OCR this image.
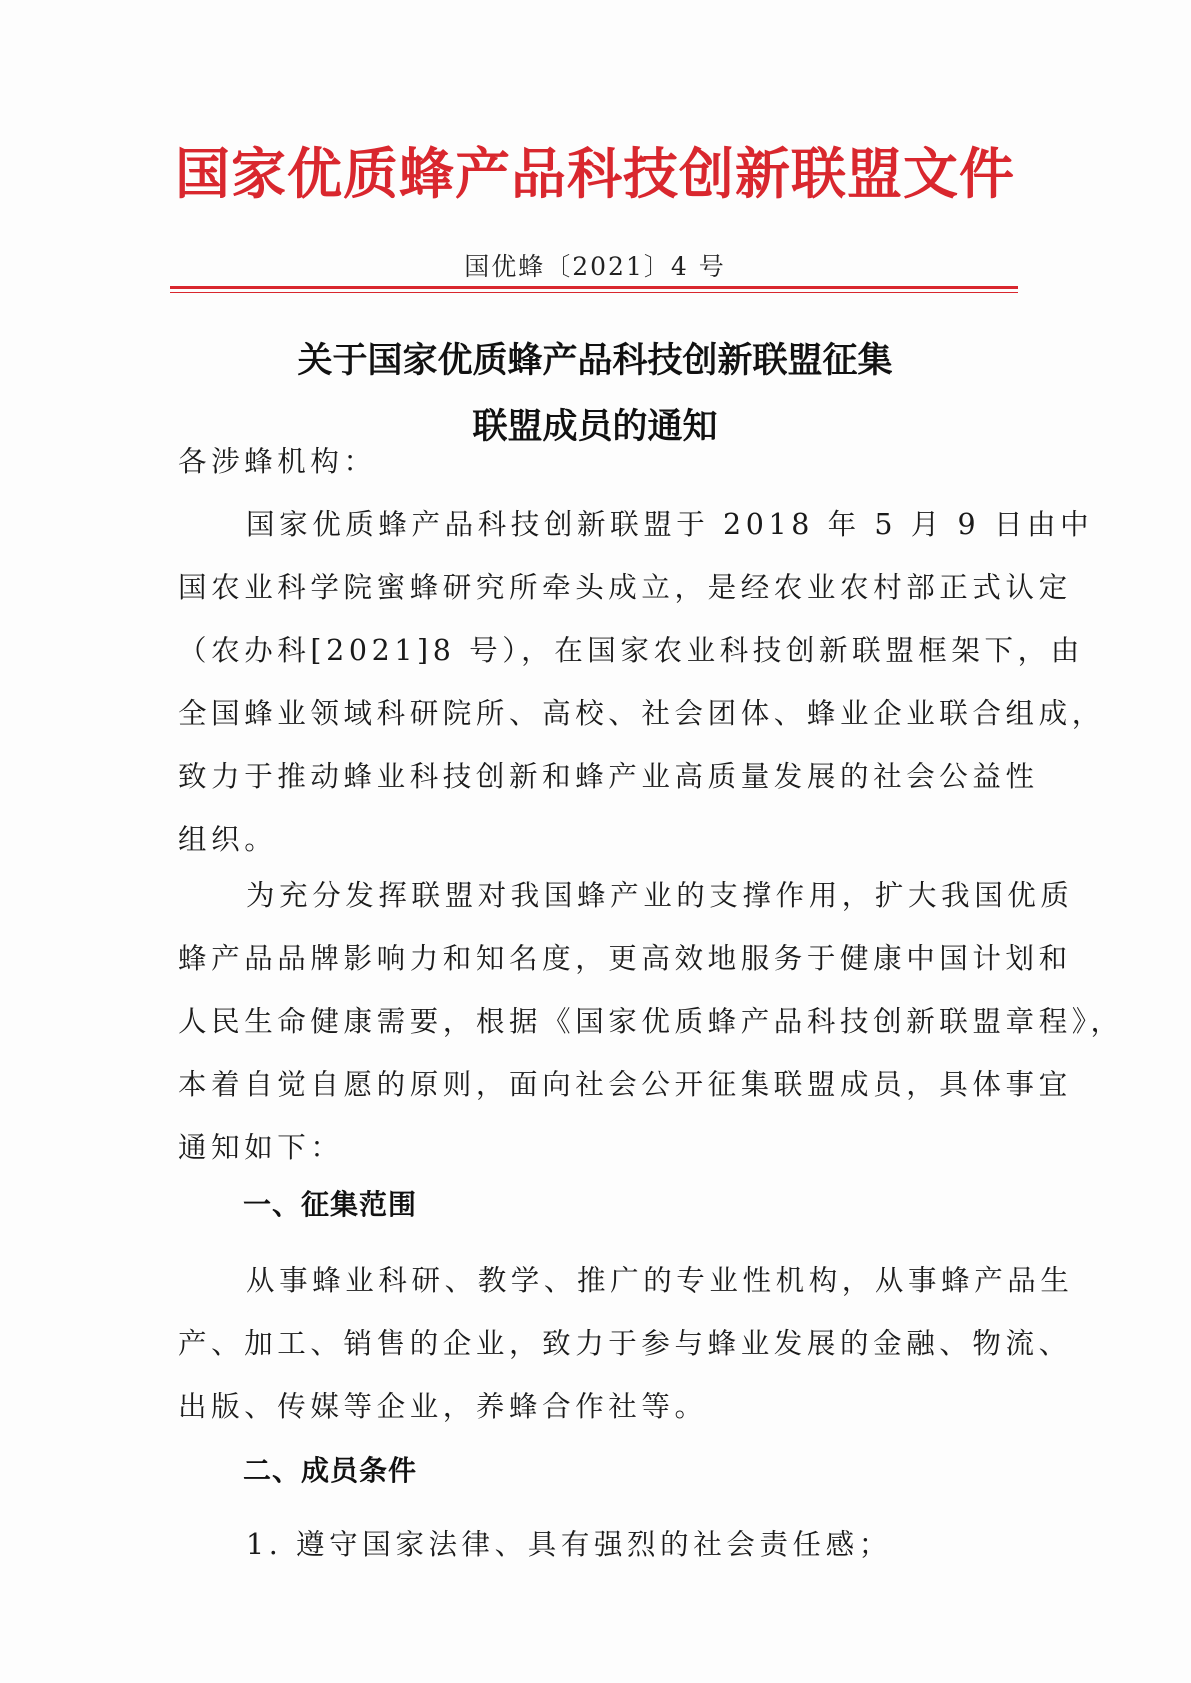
国家优质蜂产品科技创新联盟文件
国优蜂〔2021〕4 号
关于国家优质蜂产品科技创新联盟征集
联盟成员的通知
各涉蜂机构：
国家优质蜂产品科技创新联盟于 2018 年 5 月 9 日由中
国农业科学院蜜蜂研究所牵头成立，是经农业农村部正式认定
（农办科[2021]8 号），在国家农业科技创新联盟框架下，由
全国蜂业领域科研院所、高校、社会团体、蜂业企业联合组成，
致力于推动蜂业科技创新和蜂产业高质量发展的社会公益性
组织。
为充分发挥联盟对我国蜂产业的支撑作用，扩大我国优质
蜂产品品牌影响力和知名度，更高效地服务于健康中国计划和
人民生命健康需要，根据《国家优质蜂产品科技创新联盟章程》，
本着自觉自愿的原则，面向社会公开征集联盟成员，具体事宜
通知如下：
一、征集范围
从事蜂业科研、教学、推广的专业性机构，从事蜂产品生
产、加工、销售的企业，致力于参与蜂业发展的金融、物流、
出版、传媒等企业，养蜂合作社等。
二、成员条件
1. 遵守国家法律、具有强烈的社会责任感；
